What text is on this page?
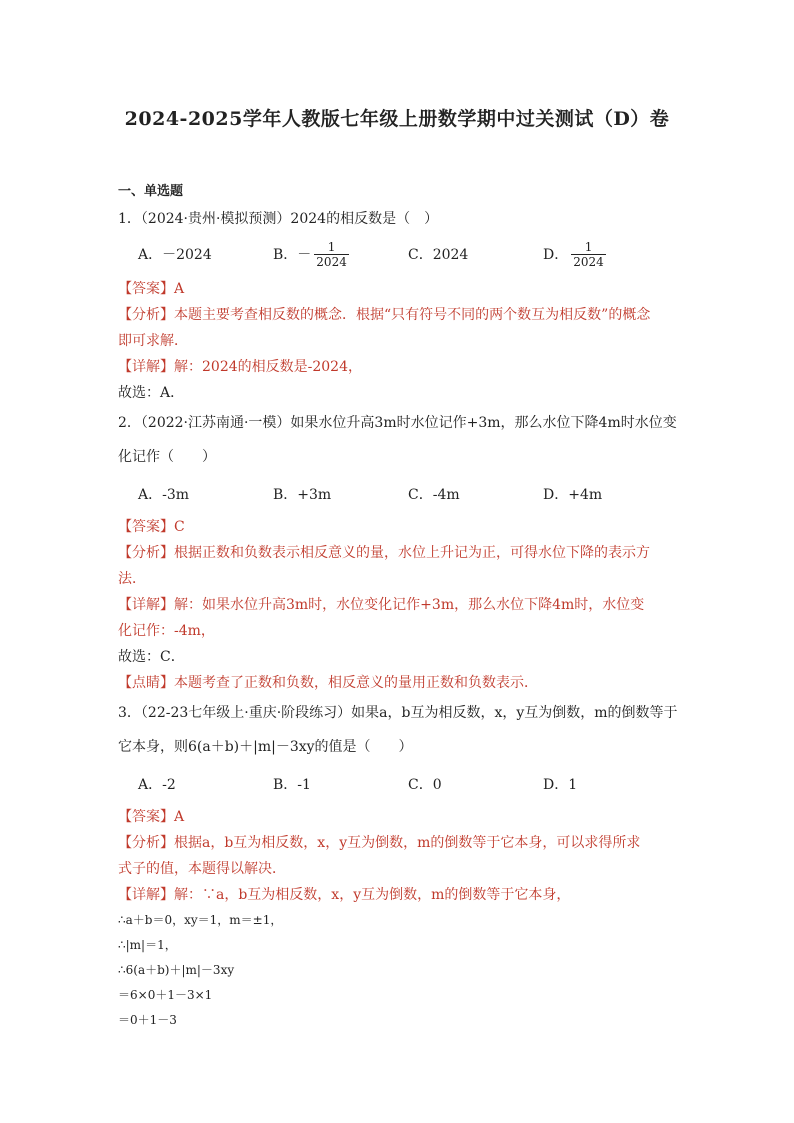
2024-2025学年人教版七年级上册数学期中过关测试（D）卷
一、单选题
1．（2024·贵州·模拟预测）2024的相反数是（　）
A．－2024	B．－ $\frac{1}{2024}$	C．2024	D． $\frac{1}{2024}$
【答案】A
【分析】本题主要考查相反数的概念．根据“只有符号不同的两个数互为相反数”的概念
即可求解．
【详解】解：2024的相反数是-2024，
故选：A．
2．（2022·江苏南通·一模）如果水位升高3m时水位记作+3m，那么水位下降4m时水位变
化记作（　　）
A．-3m	B．+3m	C．-4m	D．+4m
【答案】C
【分析】根据正数和负数表示相反意义的量，水位上升记为正，可得水位下降的表示方
法．
【详解】解：如果水位升高3m时，水位变化记作+3m，那么水位下降4m时，水位变
化记作：-4m，
故选：C．
【点睛】本题考查了正数和负数，相反意义的量用正数和负数表示．
3．（22-23七年级上·重庆·阶段练习）如果a，b互为相反数，x，y互为倒数，m的倒数等于
它本身，则6(a＋b)＋|m|－3xy的值是（　　）
A．-2	B．-1	C．0	D．1
【答案】A
【分析】根据a，b互为相反数，x，y互为倒数，m的倒数等于它本身，可以求得所求
式子的值，本题得以解决．
【详解】解：∵a，b互为相反数，x，y互为倒数，m的倒数等于它本身，
∴a＋b＝0，xy＝1，m＝±1，
∴|m|＝1，
∴6(a＋b)＋|m|－3xy
＝6×0＋1－3×1
＝0＋1－3
